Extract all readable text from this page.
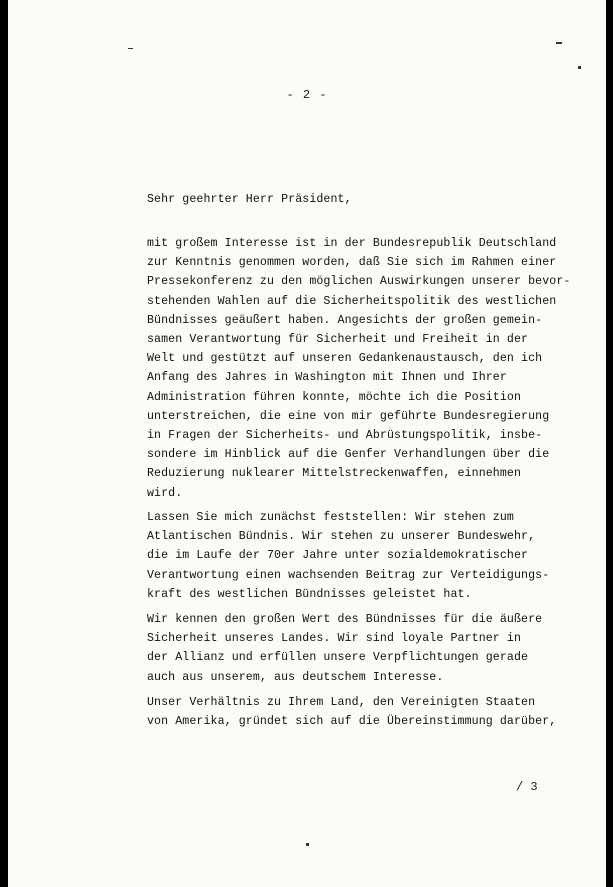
- 2 -
Sehr geehrter Herr Präsident,
mit großem Interesse ist in der Bundesrepublik Deutschland
zur Kenntnis genommen worden, daß Sie sich im Rahmen einer
Pressekonferenz zu den möglichen Auswirkungen unserer bevor-
stehenden Wahlen auf die Sicherheitspolitik des westlichen
Bündnisses geäußert haben. Angesichts der großen gemein-
samen Verantwortung für Sicherheit und Freiheit in der
Welt und gestützt auf unseren Gedankenaustausch, den ich
Anfang des Jahres in Washington mit Ihnen und Ihrer
Administration führen konnte, möchte ich die Position
unterstreichen, die eine von mir geführte Bundesregierung
in Fragen der Sicherheits- und Abrüstungspolitik, insbe-
sondere im Hinblick auf die Genfer Verhandlungen über die
Reduzierung nuklearer Mittelstreckenwaffen, einnehmen
wird.
Lassen Sie mich zunächst feststellen: Wir stehen zum
Atlantischen Bündnis. Wir stehen zu unserer Bundeswehr,
die im Laufe der 70er Jahre unter sozialdemokratischer
Verantwortung einen wachsenden Beitrag zur Verteidigungs-
kraft des westlichen Bündnisses geleistet hat.
Wir kennen den großen Wert des Bündnisses für die äußere
Sicherheit unseres Landes. Wir sind loyale Partner in
der Allianz und erfüllen unsere Verpflichtungen gerade
auch aus unserem, aus deutschem Interesse.
Unser Verhältnis zu Ihrem Land, den Vereinigten Staaten
von Amerika, gründet sich auf die Übereinstimmung darüber,
/ 3
